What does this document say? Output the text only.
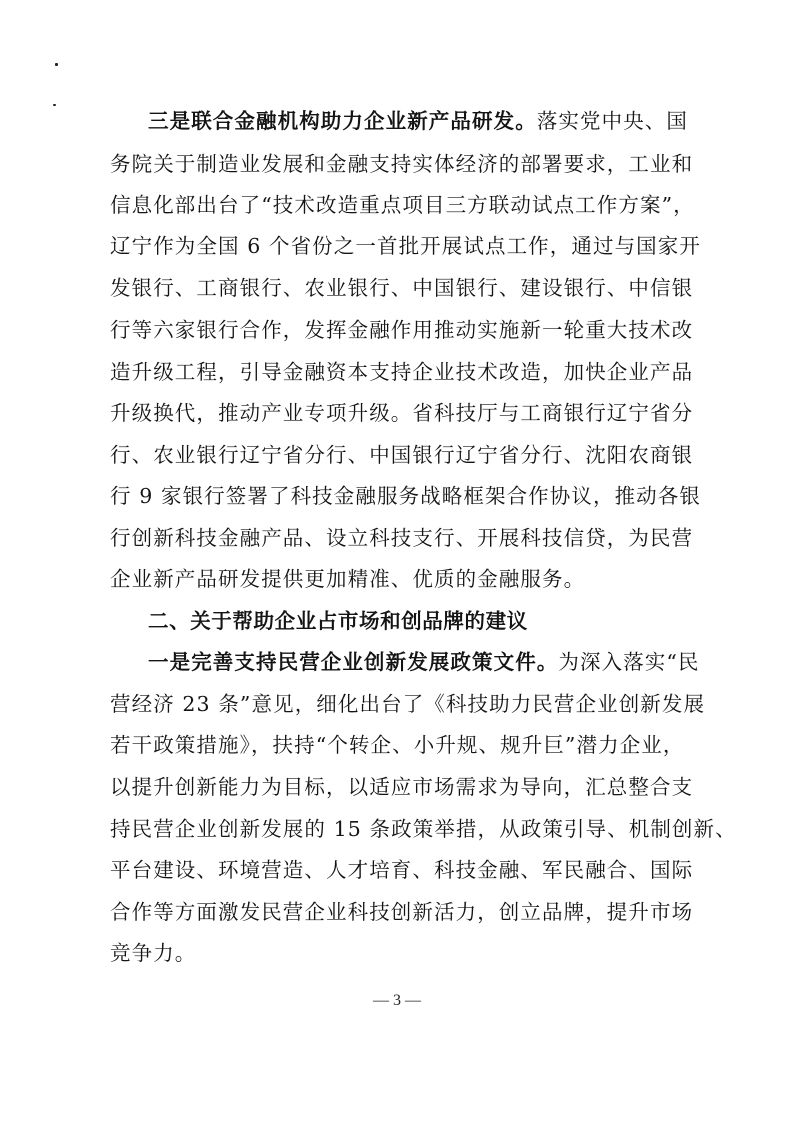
三是联合金融机构助力企业新产品研发。落实党中央、国
务院关于制造业发展和金融支持实体经济的部署要求，工业和
信息化部出台了“技术改造重点项目三方联动试点工作方案”，
辽宁作为全国 6 个省份之一首批开展试点工作，通过与国家开
发银行、工商银行、农业银行、中国银行、建设银行、中信银
行等六家银行合作，发挥金融作用推动实施新一轮重大技术改
造升级工程，引导金融资本支持企业技术改造，加快企业产品
升级换代，推动产业专项升级。省科技厅与工商银行辽宁省分
行、农业银行辽宁省分行、中国银行辽宁省分行、沈阳农商银
行 9 家银行签署了科技金融服务战略框架合作协议，推动各银
行创新科技金融产品、设立科技支行、开展科技信贷，为民营
企业新产品研发提供更加精准、优质的金融服务。
二、关于帮助企业占市场和创品牌的建议
一是完善支持民营企业创新发展政策文件。为深入落实“民
营经济 23 条”意见，细化出台了《科技助力民营企业创新发展
若干政策措施》，扶持“个转企、小升规、规升巨”潜力企业，
以提升创新能力为目标，以适应市场需求为导向，汇总整合支
持民营企业创新发展的 15 条政策举措，从政策引导、机制创新、
平台建设、环境营造、人才培育、科技金融、军民融合、国际
合作等方面激发民营企业科技创新活力，创立品牌，提升市场
竞争力。
— 3 —
